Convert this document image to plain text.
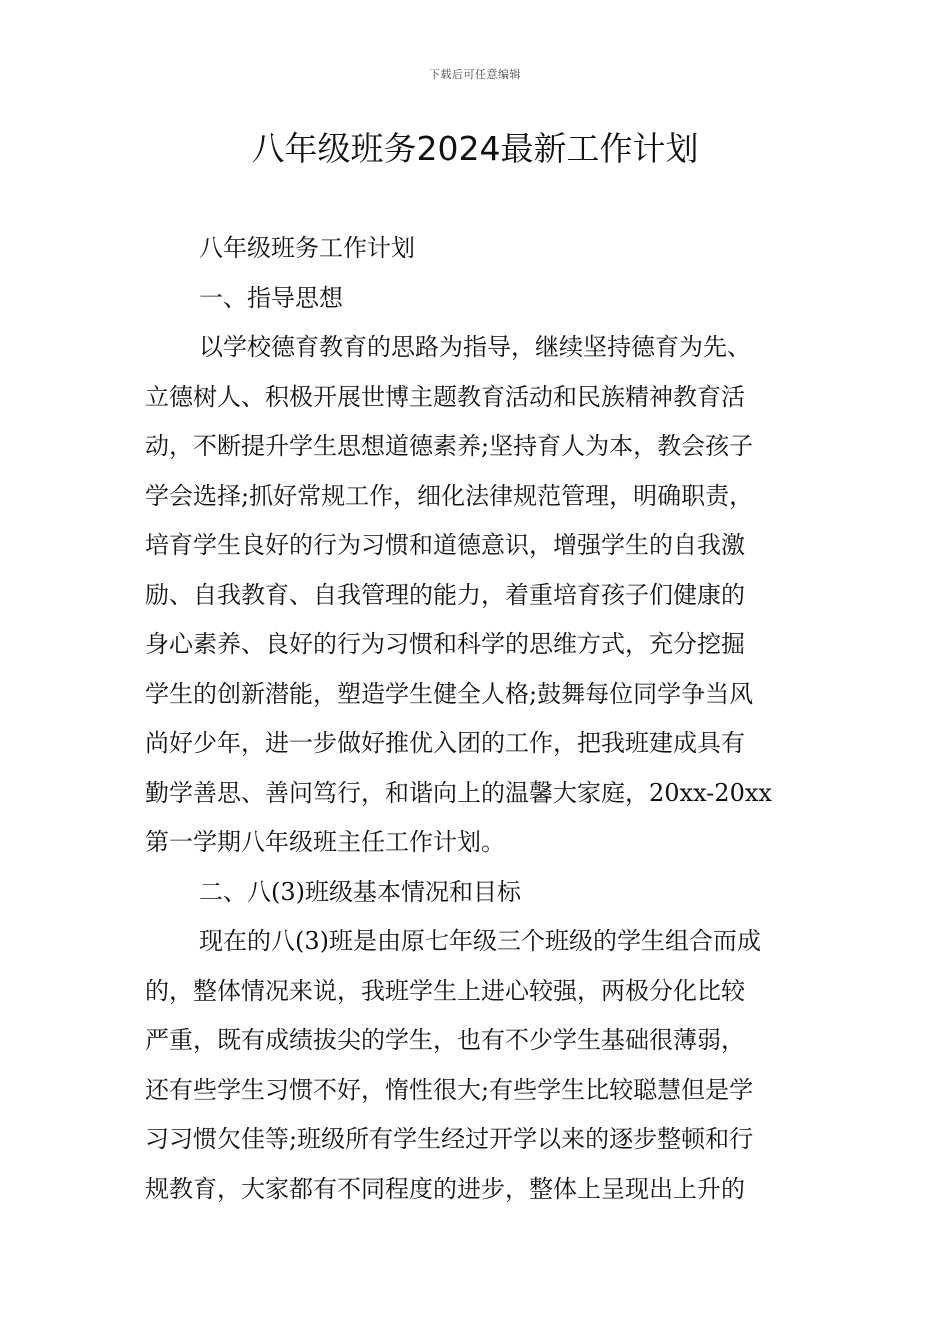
下载后可任意编辑
八年级班务2024最新工作计划
八年级班务工作计划
一、指导思想
以学校德育教育的思路为指导，继续坚持德育为先、
立德树人、积极开展世博主题教育活动和民族精神教育活
动，不断提升学生思想道德素养;坚持育人为本，教会孩子
学会选择;抓好常规工作，细化法律规范管理，明确职责，
培育学生良好的行为习惯和道德意识，增强学生的自我激
励、自我教育、自我管理的能力，着重培育孩子们健康的
身心素养、良好的行为习惯和科学的思维方式，充分挖掘
学生的创新潜能，塑造学生健全人格;鼓舞每位同学争当风
尚好少年，进一步做好推优入团的工作，把我班建成具有
勤学善思、善问笃行，和谐向上的温馨大家庭，20xx-20xx
第一学期八年级班主任工作计划。
二、八(3)班级基本情况和目标
现在的八(3)班是由原七年级三个班级的学生组合而成
的，整体情况来说，我班学生上进心较强，两极分化比较
严重，既有成绩拔尖的学生，也有不少学生基础很薄弱，
还有些学生习惯不好，惰性很大;有些学生比较聪慧但是学
习习惯欠佳等;班级所有学生经过开学以来的逐步整顿和行
规教育，大家都有不同程度的进步，整体上呈现出上升的
